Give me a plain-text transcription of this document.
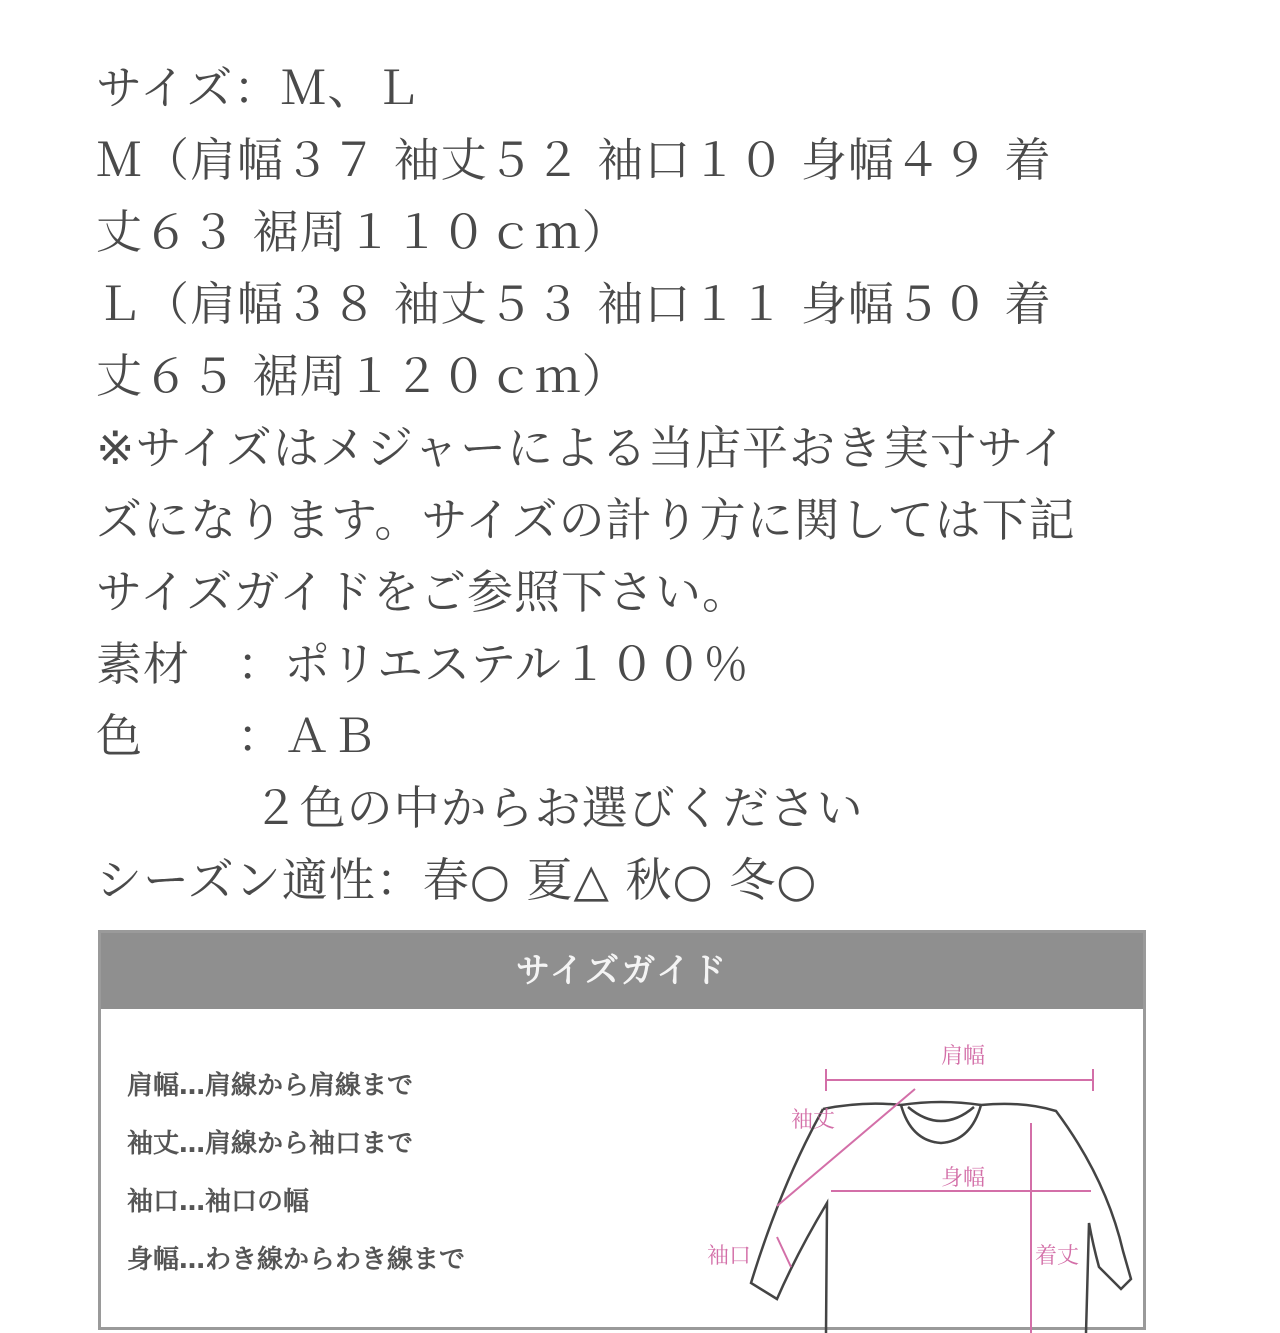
サイズ：Ｍ、Ｌ
Ｍ（肩幅３７ 袖丈５２ 袖口１０ 身幅４９ 着
丈６３ 裾周１１０ｃｍ）
Ｌ（肩幅３８ 袖丈５３ 袖口１１ 身幅５０ 着
丈６５ 裾周１２０ｃｍ）
※サイズはメジャーによる当店平おき実寸サイ
ズになります。サイズの計り方に関しては下記
サイズガイドをご参照下さい。
素材　：ポリエステル１００％
色　　：ＡＢ
　　　 ２色の中からお選びください
シーズン適性：春○ 夏△ 秋○ 冬○
サイズガイド
肩幅…肩線から肩線まで
袖丈…肩線から袖口まで
袖口…袖口の幅
身幅…わき線からわき線まで
肩幅
袖丈
身幅
袖口	着丈
